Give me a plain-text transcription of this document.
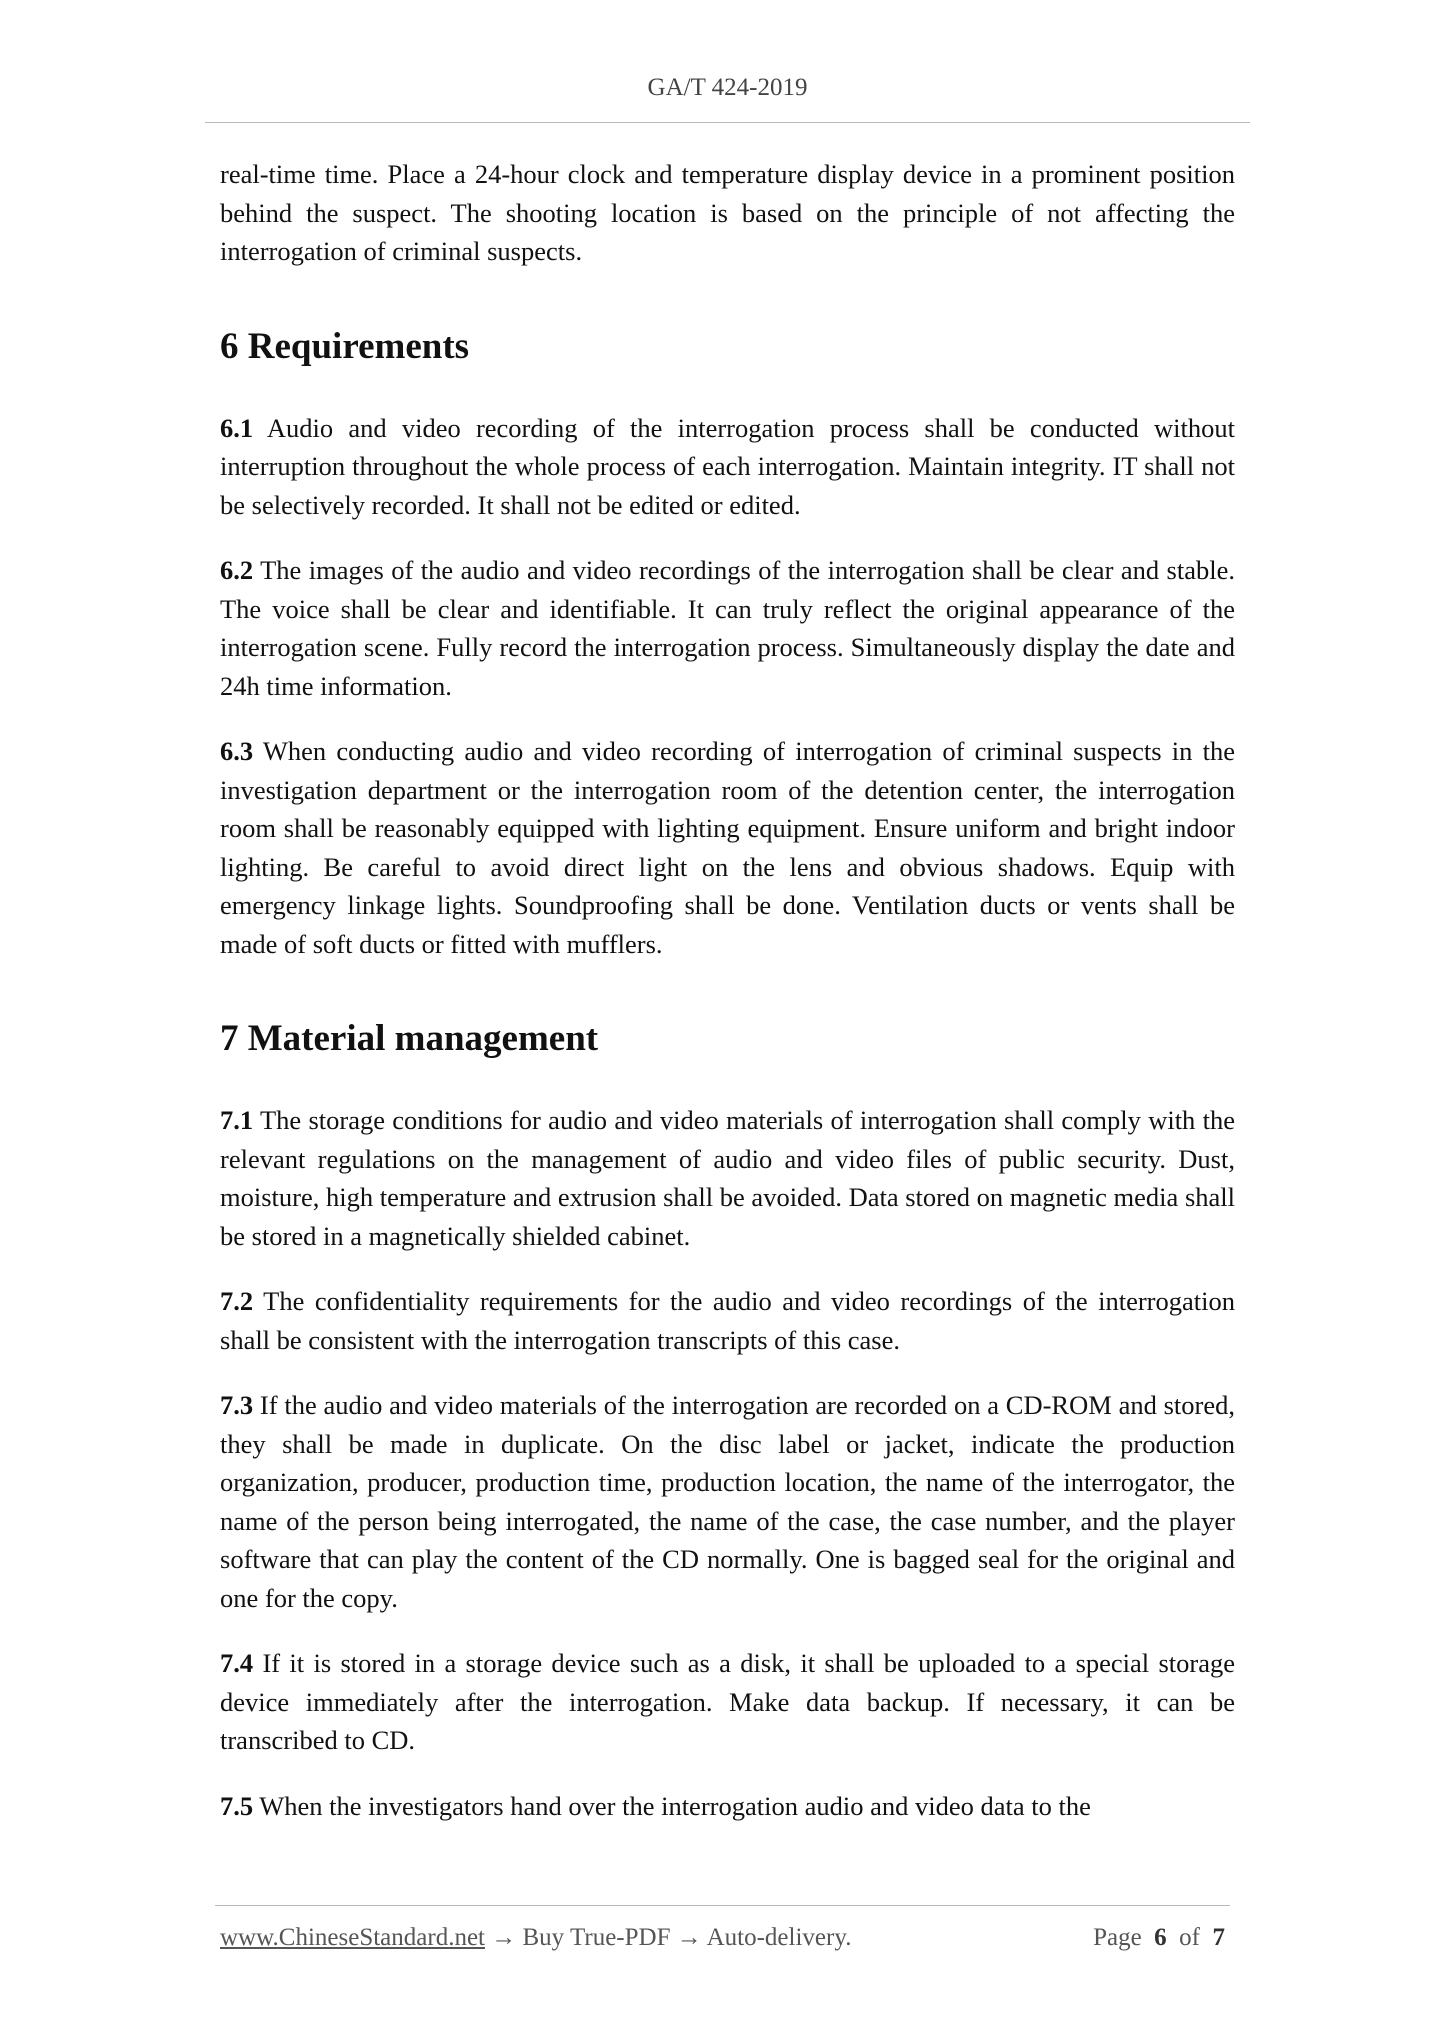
GA/T 424-2019

real-time time. Place a 24-hour clock and temperature display device in a prominent position behind the suspect. The shooting location is based on the principle of not affecting the interrogation of criminal suspects.

6 Requirements

6.1 Audio and video recording of the interrogation process shall be conducted without interruption throughout the whole process of each interrogation. Maintain integrity. IT shall not be selectively recorded. It shall not be edited or edited.

6.2 The images of the audio and video recordings of the interrogation shall be clear and stable. The voice shall be clear and identifiable. It can truly reflect the original appearance of the interrogation scene. Fully record the interrogation process. Simultaneously display the date and 24h time information.

6.3 When conducting audio and video recording of interrogation of criminal suspects in the investigation department or the interrogation room of the detention center, the interrogation room shall be reasonably equipped with lighting equipment. Ensure uniform and bright indoor lighting. Be careful to avoid direct light on the lens and obvious shadows. Equip with emergency linkage lights. Soundproofing shall be done. Ventilation ducts or vents shall be made of soft ducts or fitted with mufflers.

7 Material management

7.1 The storage conditions for audio and video materials of interrogation shall comply with the relevant regulations on the management of audio and video files of public security. Dust, moisture, high temperature and extrusion shall be avoided. Data stored on magnetic media shall be stored in a magnetically shielded cabinet.

7.2 The confidentiality requirements for the audio and video recordings of the interrogation shall be consistent with the interrogation transcripts of this case.

7.3 If the audio and video materials of the interrogation are recorded on a CD-ROM and stored, they shall be made in duplicate. On the disc label or jacket, indicate the production organization, producer, production time, production location, the name of the interrogator, the name of the person being interrogated, the name of the case, the case number, and the player software that can play the content of the CD normally. One is bagged seal for the original and one for the copy.

7.4 If it is stored in a storage device such as a disk, it shall be uploaded to a special storage device immediately after the interrogation. Make data backup. If necessary, it can be transcribed to CD.

7.5 When the investigators hand over the interrogation audio and video data to the

www.ChineseStandard.net → Buy True-PDF → Auto-delivery.	Page 6 of 7
